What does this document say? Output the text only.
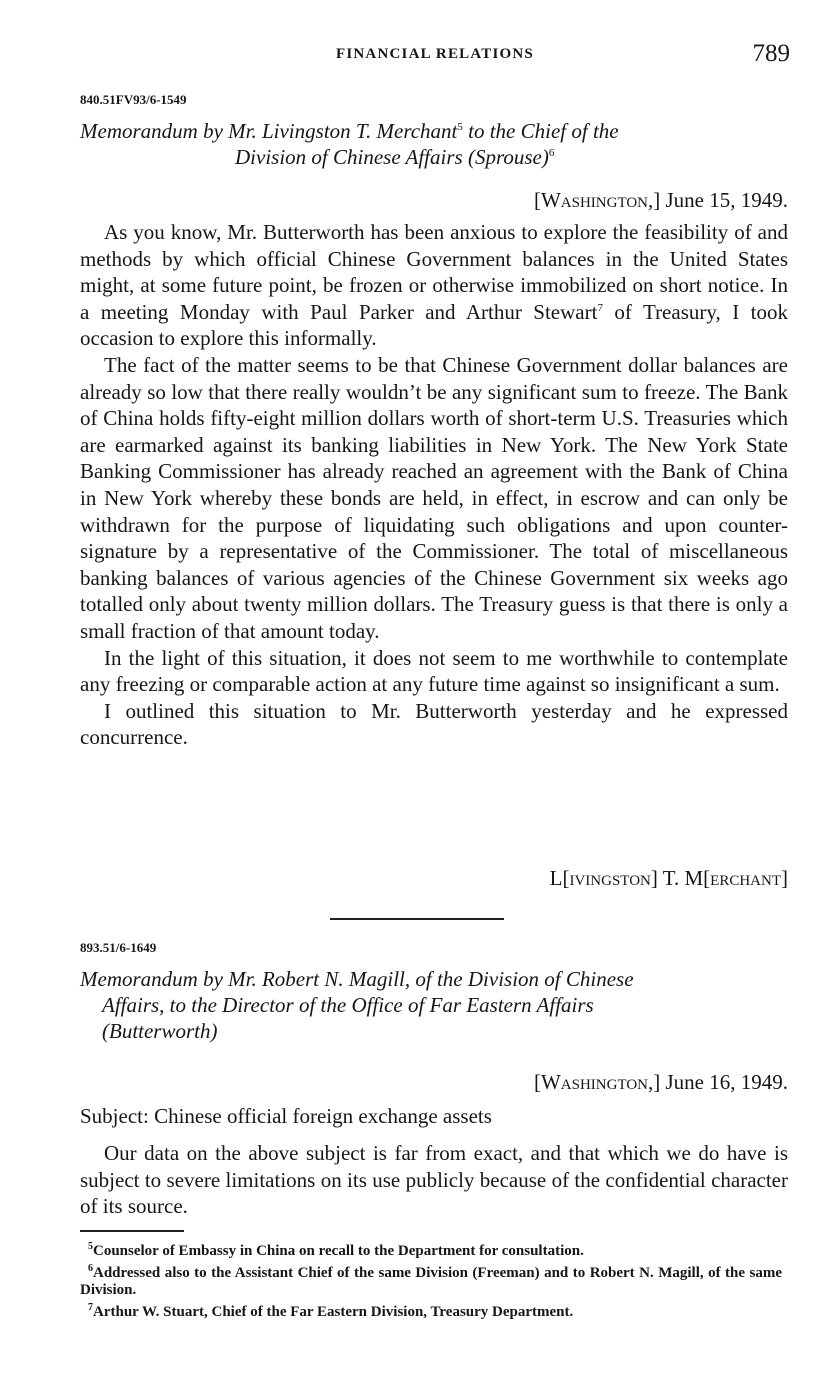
FINANCIAL RELATIONS	789
840.51FV93/6-1549
Memorandum by Mr. Livingston T. Merchant$^5$ to the Chief of the
Division of Chinese Affairs (Sprouse)$^6$
[Washington,] June 15, 1949.

As you know, Mr. Butterworth has been anxious to explore the feasibility of and methods by which official Chinese Government balances in the United States might, at some future point, be frozen or otherwise immobilized on short notice. In a meeting Monday with Paul Parker and Arthur Stewart$^7$ of Treasury, I took occasion to explore this informally.

The fact of the matter seems to be that Chinese Government dollar balances are already so low that there really wouldn’t be any significant sum to freeze. The Bank of China holds fifty-eight million dollars worth of short-term U.S. Treasuries which are earmarked against its banking liabilities in New York. The New York State Banking Commissioner has already reached an agreement with the Bank of China in New York whereby these bonds are held, in effect, in escrow and can only be withdrawn for the purpose of liquidating such obligations and upon counter-signature by a representative of the Commissioner. The total of miscellaneous banking balances of various agencies of the Chinese Government six weeks ago totalled only about twenty million dollars. The Treasury guess is that there is only a small fraction of that amount today.

In the light of this situation, it does not seem to me worthwhile to contemplate any freezing or comparable action at any future time against so insignificant a sum.

I outlined this situation to Mr. Butterworth yesterday and he expressed concurrence.

L[ivingston] T. M[erchant]
893.51/6-1649
Memorandum by Mr. Robert N. Magill, of the Division of Chinese
Affairs, to the Director of the Office of Far Eastern Affairs
(Butterworth)
[Washington,] June 16, 1949.
Subject: Chinese official foreign exchange assets

Our data on the above subject is far from exact, and that which we do have is subject to severe limitations on its use publicly because of the confidential character of its source.

$^5$Counselor of Embassy in China on recall to the Department for consultation.

$^6$Addressed also to the Assistant Chief of the same Division (Freeman) and to Robert N. Magill, of the same Division.

$^7$Arthur W. Stuart, Chief of the Far Eastern Division, Treasury Department.
